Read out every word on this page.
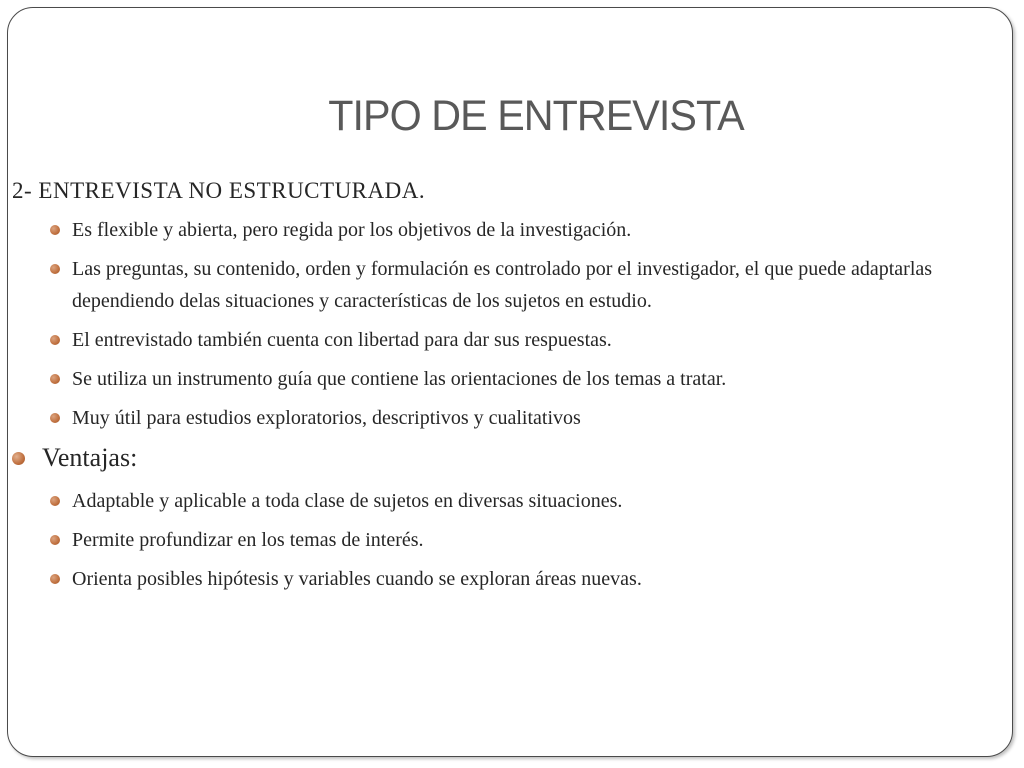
TIPO DE ENTREVISTA
2- ENTREVISTA NO ESTRUCTURADA.
Es flexible y abierta, pero regida por los objetivos de la investigación.
Las preguntas, su contenido, orden y formulación es controlado por el investigador, el que puede adaptarlas dependiendo delas situaciones y características de los sujetos en estudio.
El entrevistado también cuenta con libertad para dar sus respuestas.
Se utiliza un instrumento guía que contiene las orientaciones de los temas a tratar.
Muy útil para estudios exploratorios, descriptivos y cualitativos
Ventajas:
Adaptable y aplicable a toda clase de sujetos en diversas situaciones.
Permite profundizar en los temas de interés.
Orienta posibles hipótesis y variables cuando se exploran áreas nuevas.
